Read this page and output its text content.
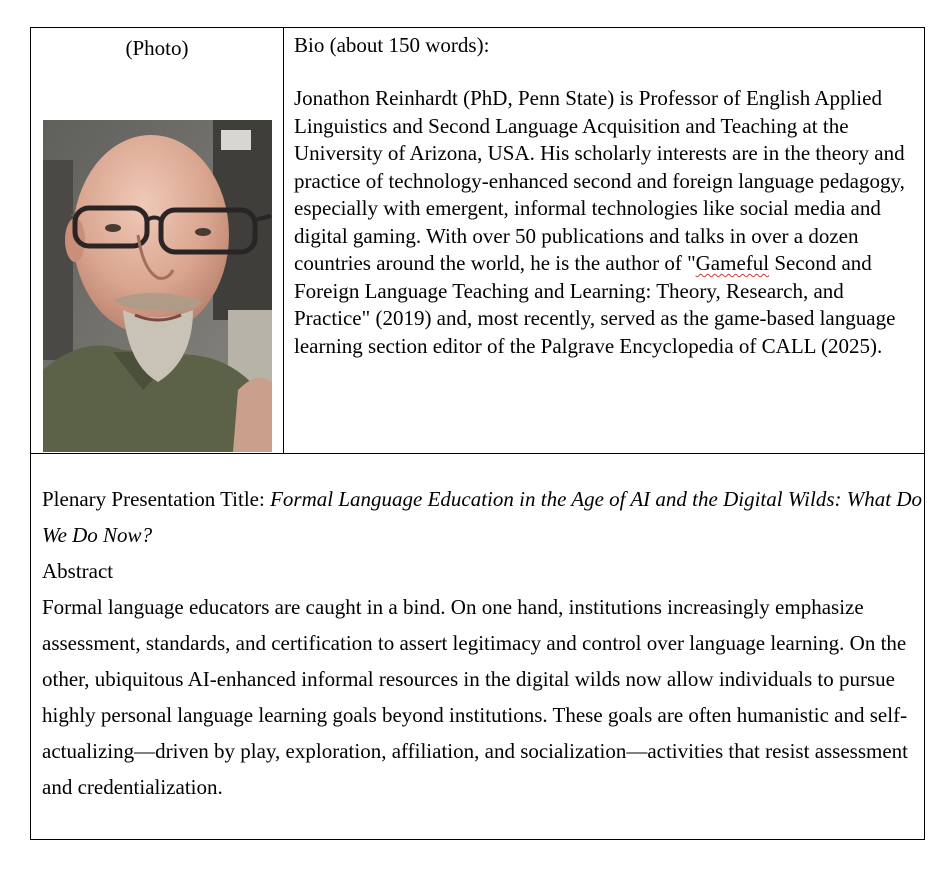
(Photo)	Bio (about 150 words):

Jonathon Reinhardt (PhD, Penn State) is Professor of English Applied Linguistics and Second Language Acquisition and Teaching at the University of Arizona, USA. His scholarly interests are in the theory and practice of technology-enhanced second and foreign language pedagogy, especially with emergent, informal technologies like social media and digital gaming. With over 50 publications and talks in over a dozen countries around the world, he is the author of "Gameful Second and Foreign Language Teaching and Learning: Theory, Research, and Practice" (2019) and, most recently, served as the game-based language learning section editor of the Palgrave Encyclopedia of CALL (2025).

Plenary Presentation Title: Formal Language Education in the Age of AI and the Digital Wilds: What Do We Do Now?

Abstract

Formal language educators are caught in a bind. On one hand, institutions increasingly emphasize assessment, standards, and certification to assert legitimacy and control over language learning. On the other, ubiquitous AI-enhanced informal resources in the digital wilds now allow individuals to pursue highly personal language learning goals beyond institutions. These goals are often humanistic and self-actualizing—driven by play, exploration, affiliation, and socialization—activities that resist assessment and credentialization.
